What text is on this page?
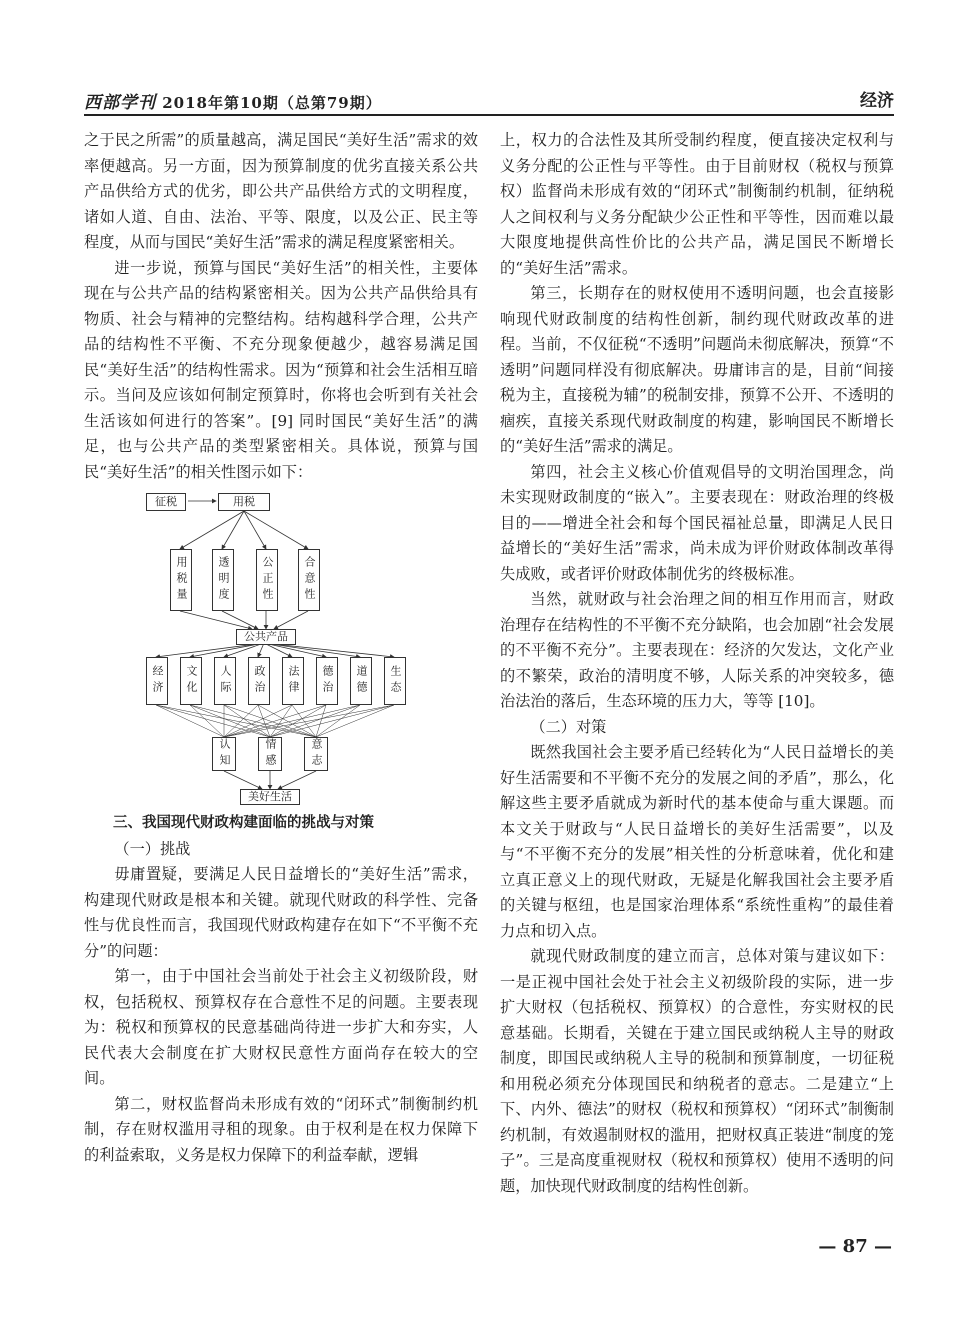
西部学刊 2018年第10期（总第79期）	经济

之于民之所需”的质量越高，满足国民“美好生活”需求的效率便越高。另一方面，因为预算制度的优劣直接关系公共产品供给方式的优劣，即公共产品供给方式的文明程度，诸如人道、自由、法治、平等、限度，以及公正、民主等程度，从而与国民“美好生活”需求的满足程度紧密相关。

进一步说，预算与国民“美好生活”的相关性，主要体现在与公共产品的结构紧密相关。因为公共产品供给具有物质、社会与精神的完整结构。结构越科学合理，公共产品的结构性不平衡、不充分现象便越少，越容易满足国民“美好生活”的结构性需求。因为“预算和社会生活相互暗示。当问及应该如何制定预算时，你将也会听到有关社会生活该如何进行的答案”。[9] 同时国民“美好生活”的满足，也与公共产品的类型紧密相关。具体说，预算与国民“美好生活”的相关性图示如下：

征税	用税
用税量	透明度	公正性	合意性
公共产品
经济	文化	人际	政治	法律	德治	道德	生态
认知	情感	意志
美好生活

三、我国现代财政构建面临的挑战与对策

（一）挑战

毋庸置疑，要满足人民日益增长的“美好生活”需求，构建现代财政是根本和关键。就现代财政的科学性、完备性与优良性而言，我国现代财政构建存在如下“不平衡不充分”的问题：

第一，由于中国社会当前处于社会主义初级阶段，财权，包括税权、预算权存在合意性不足的问题。主要表现为：税权和预算权的民意基础尚待进一步扩大和夯实，人民代表大会制度在扩大财权民意性方面尚存在较大的空间。

第二，财权监督尚未形成有效的“闭环式”制衡制约机制，存在财权滥用寻租的现象。由于权利是在权力保障下的利益索取，义务是权力保障下的利益奉献，逻辑

上，权力的合法性及其所受制约程度，便直接决定权利与义务分配的公正性与平等性。由于目前财权（税权与预算权）监督尚未形成有效的“闭环式”制衡制约机制，征纳税人之间权利与义务分配缺少公正性和平等性，因而难以最大限度地提供高性价比的公共产品，满足国民不断增长的“美好生活”需求。

第三，长期存在的财权使用不透明问题，也会直接影响现代财政制度的结构性创新，制约现代财政改革的进程。当前，不仅征税“不透明”问题尚未彻底解决，预算“不透明”问题同样没有彻底解决。毋庸讳言的是，目前“间接税为主，直接税为辅”的税制安排，预算不公开、不透明的痼疾，直接关系现代财政制度的构建，影响国民不断增长的“美好生活”需求的满足。

第四，社会主义核心价值观倡导的文明治国理念，尚未实现财政制度的“嵌入”。主要表现在：财政治理的终极目的——增进全社会和每个国民福祉总量，即满足人民日益增长的“美好生活”需求，尚未成为评价财政体制改革得失成败，或者评价财政体制优劣的终极标准。

当然，就财政与社会治理之间的相互作用而言，财政治理存在结构性的不平衡不充分缺陷，也会加剧“社会发展的不平衡不充分”。主要表现在：经济的欠发达，文化产业的不繁荣，政治的清明度不够，人际关系的冲突较多，德治法治的落后，生态环境的压力大，等等 [10]。

（二）对策

既然我国社会主要矛盾已经转化为“人民日益增长的美好生活需要和不平衡不充分的发展之间的矛盾”，那么，化解这些主要矛盾就成为新时代的基本使命与重大课题。而本文关于财政与“人民日益增长的美好生活需要”，以及与“不平衡不充分的发展”相关性的分析意味着，优化和建立真正意义上的现代财政，无疑是化解我国社会主要矛盾的关键与枢纽，也是国家治理体系“系统性重构”的最佳着力点和切入点。

就现代财政制度的建立而言，总体对策与建议如下：一是正视中国社会处于社会主义初级阶段的实际，进一步扩大财权（包括税权、预算权）的合意性，夯实财权的民意基础。长期看，关键在于建立国民或纳税人主导的财政制度，即国民或纳税人主导的税制和预算制度，一切征税和用税必须充分体现国民和纳税者的意志。二是建立“上下、内外、德法”的财权（税权和预算权）“闭环式”制衡制约机制，有效遏制财权的滥用，把财权真正装进“制度的笼子”。三是高度重视财权（税权和预算权）使用不透明的问题，加快现代财政制度的结构性创新。

— 87 —
